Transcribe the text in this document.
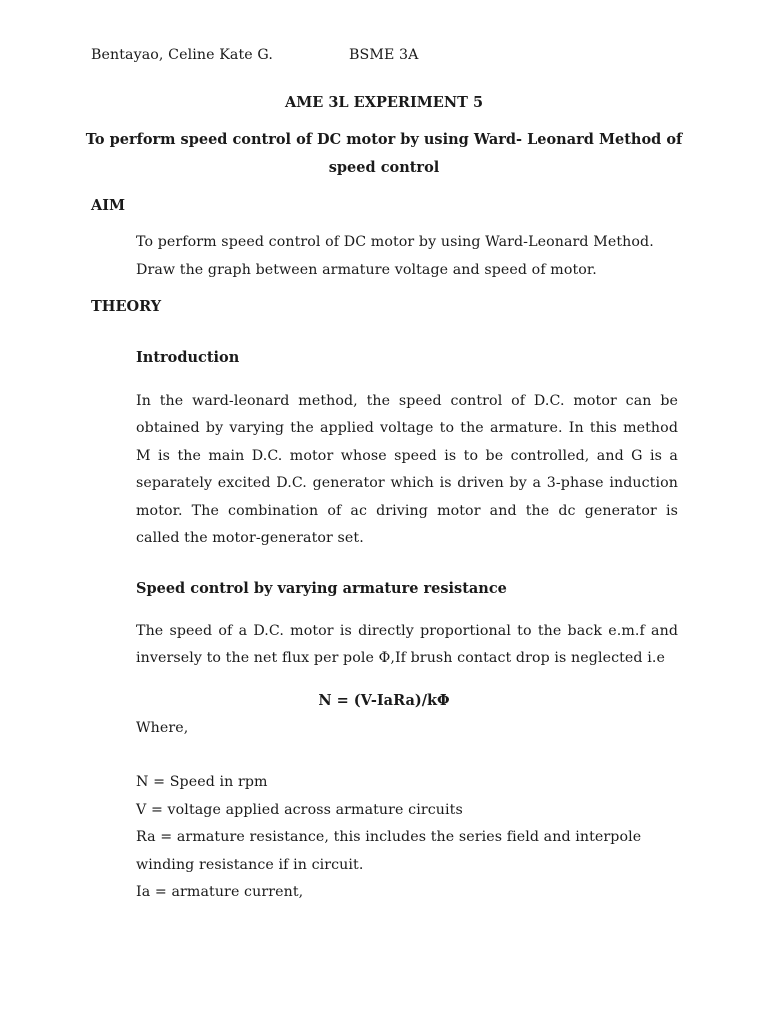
Bentayao, Celine Kate G.	BSME 3A
AME 3L EXPERIMENT 5
To perform speed control of DC motor by using Ward- Leonard Method of
speed control
AIM
To perform speed control of DC motor by using Ward-Leonard Method.
Draw the graph between armature voltage and speed of motor.
THEORY
Introduction
In the ward-leonard method, the speed control of D.C. motor can be
obtained by varying the applied voltage to the armature. In this method
M is the main D.C. motor whose speed is to be controlled, and G is a
separately excited D.C. generator which is driven by a 3-phase induction
motor. The combination of ac driving motor and the dc generator is
called the motor-generator set.
Speed control by varying armature resistance
The speed of a D.C. motor is directly proportional to the back e.m.f and
inversely to the net flux per pole Φ,If brush contact drop is neglected i.e
N = (V-IaRa)/kΦ
Where,
N = Speed in rpm
V = voltage applied across armature circuits
Ra = armature resistance, this includes the series field and interpole
winding resistance if in circuit.
Ia = armature current,
